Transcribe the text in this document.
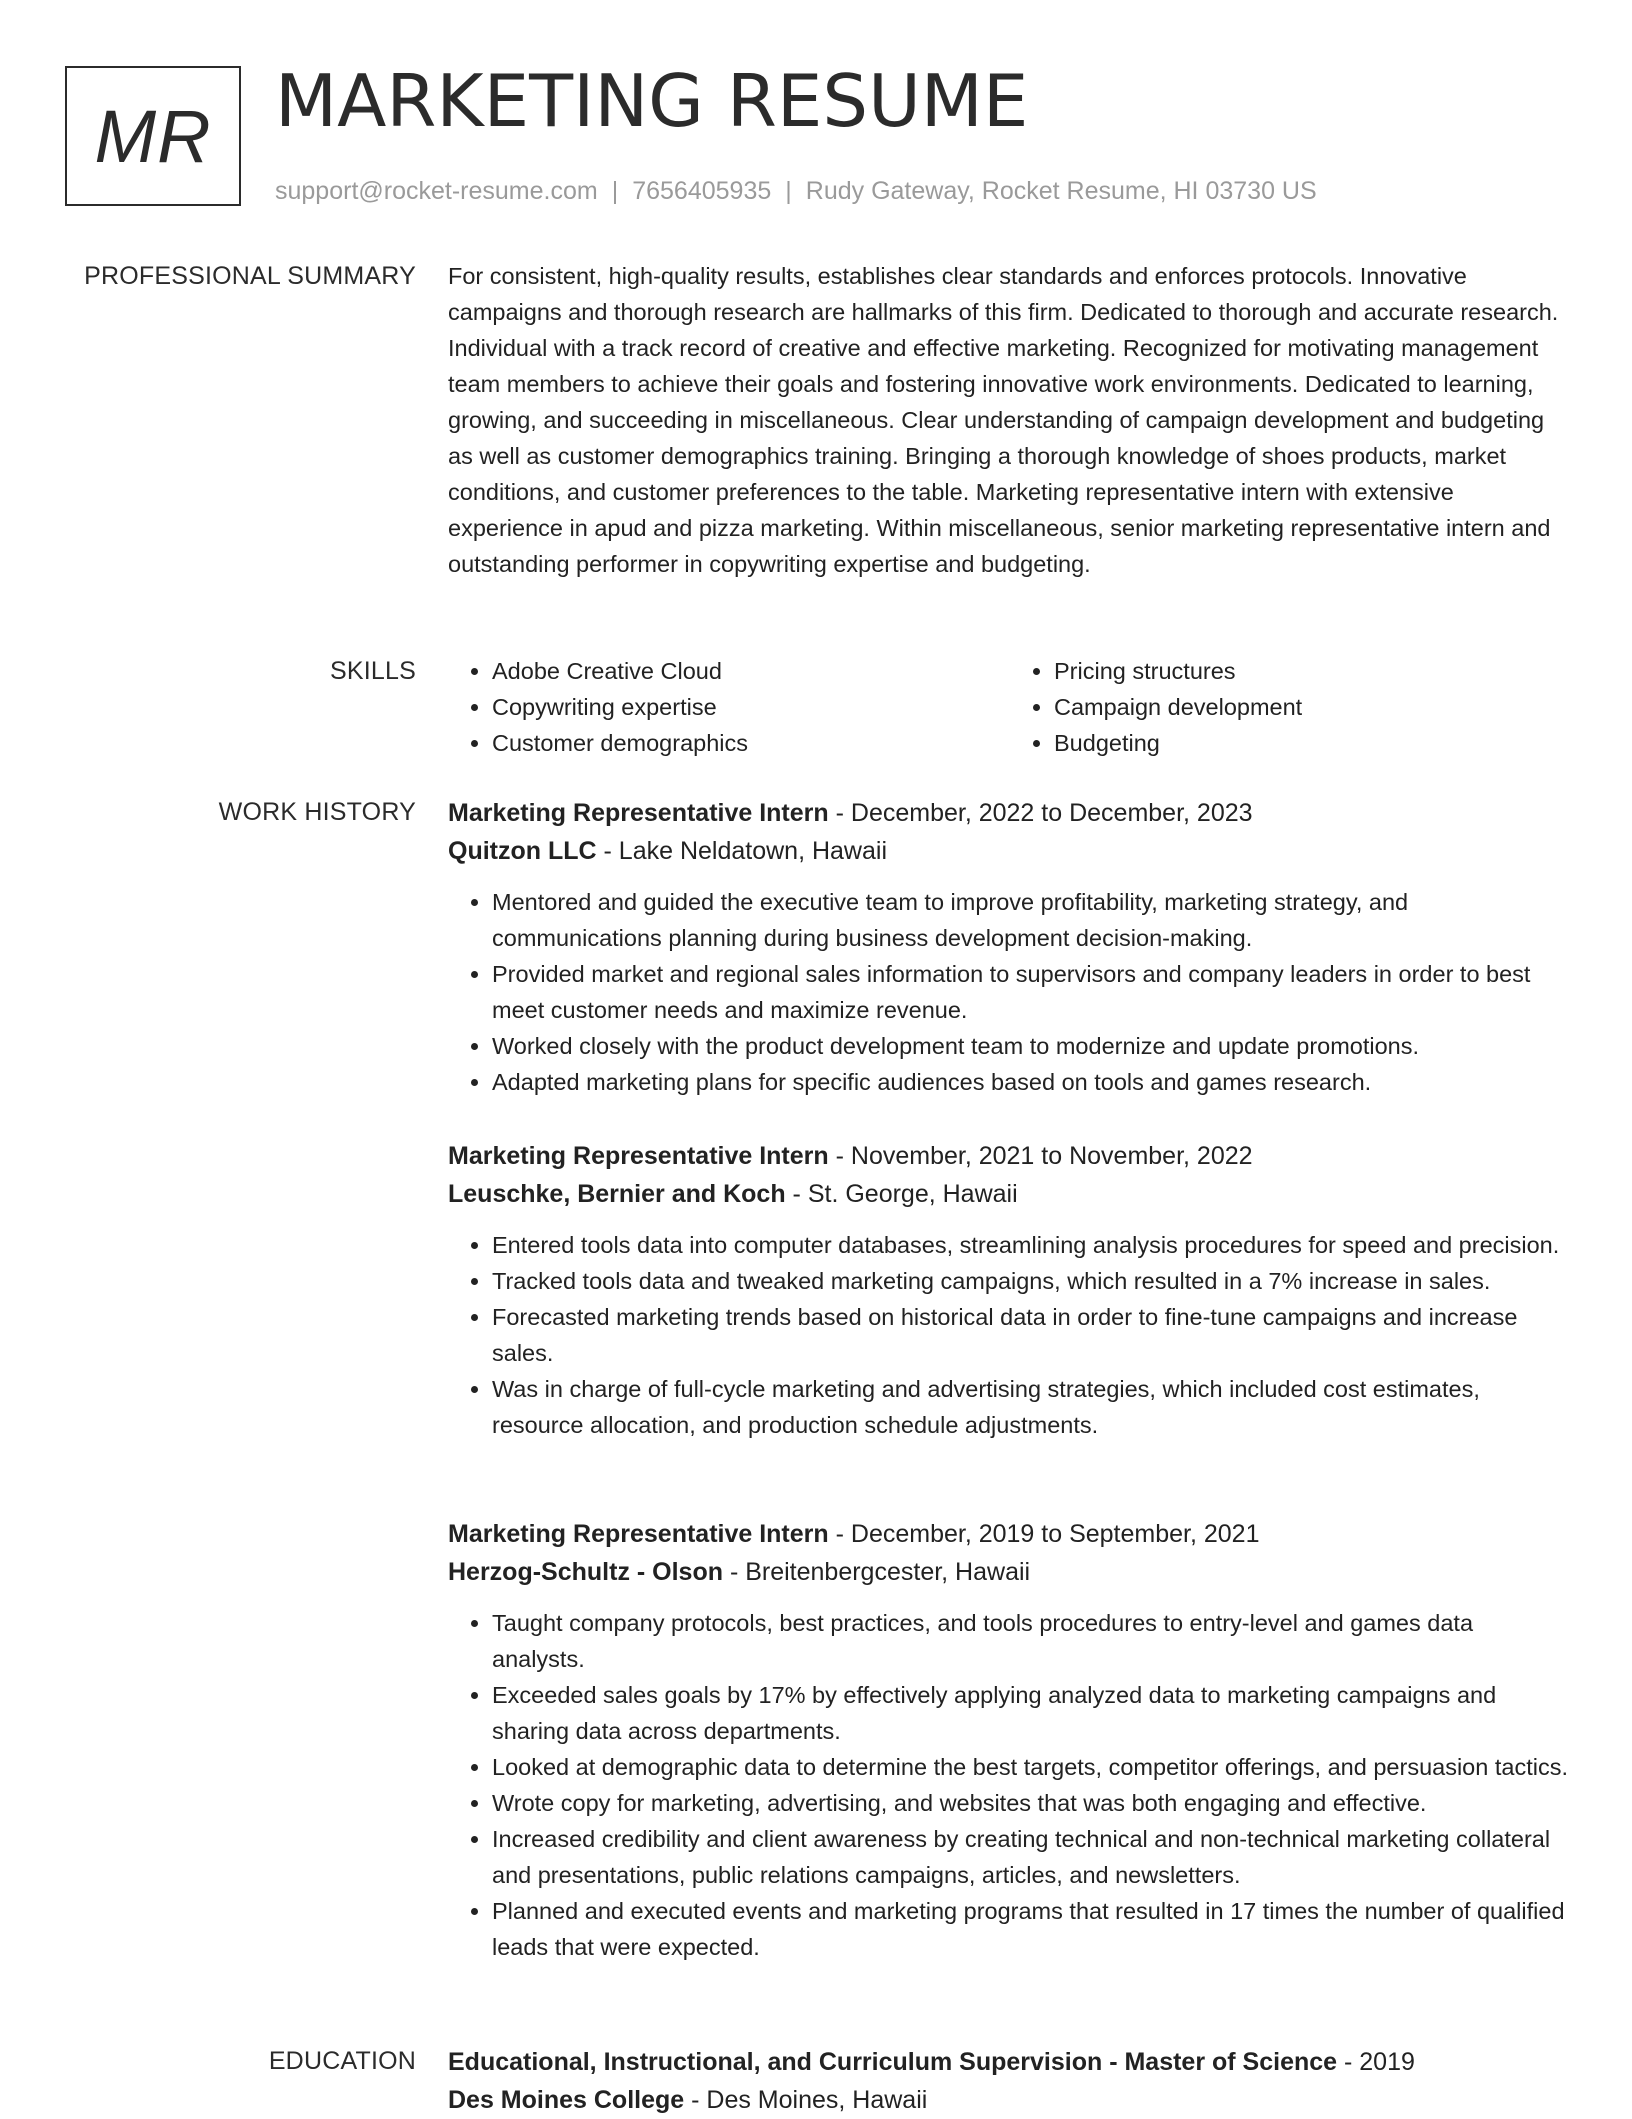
MR MARKETING RESUME
support@rocket-resume.com | 7656405935 | Rudy Gateway, Rocket Resume, HI 03730 US
PROFESSIONAL SUMMARY For consistent, high-quality results, establishes clear standards and enforces protocols. Innovative campaigns and thorough research are hallmarks of this firm. Dedicated to thorough and accurate research. Individual with a track record of creative and effective marketing. Recognized for motivating management team members to achieve their goals and fostering innovative work environments. Dedicated to learning, growing, and succeeding in miscellaneous. Clear understanding of campaign development and budgeting as well as customer demographics training. Bringing a thorough knowledge of shoes products, market conditions, and customer preferences to the table. Marketing representative intern with extensive experience in apud and pizza marketing. Within miscellaneous, senior marketing representative intern and outstanding performer in copywriting expertise and budgeting.

SKILLS
•	Adobe Creative Cloud
• Copywriting expertise
• Customer demographics
• Pricing structures
• Campaign development
• Budgeting
WORK HISTORY Marketing Representative Intern - December, 2022 to December, 2023
Quitzon LLC - Lake Neldatown, Hawaii
• Mentored and guided the executive team to improve profitability, marketing strategy, and communications planning during business development decision-making.
• Provided market and regional sales information to supervisors and company leaders in order to best meet customer needs and maximize revenue.
• Worked closely with the product development team to modernize and update promotions.
• Adapted marketing plans for specific audiences based on tools and games research.
Marketing Representative Intern - November, 2021 to November, 2022
Leuschke, Bernier and Koch - St. George, Hawaii
• Entered tools data into computer databases, streamlining analysis procedures for speed and precision.
• Tracked tools data and tweaked marketing campaigns, which resulted in a 7% increase in sales.
• Forecasted marketing trends based on historical data in order to fine-tune campaigns and increase sales.
• Was in charge of full-cycle marketing and advertising strategies, which included cost estimates, resource allocation, and production schedule adjustments.
Marketing Representative Intern - December, 2019 to September, 2021
Herzog-Schultz - Olson - Breitenbergcester, Hawaii
• Taught company protocols, best practices, and tools procedures to entry-level and games data analysts.
• Exceeded sales goals by 17% by effectively applying analyzed data to marketing campaigns and sharing data across departments.
• Looked at demographic data to determine the best targets, competitor offerings, and persuasion tactics.
• Wrote copy for marketing, advertising, and websites that was both engaging and effective.
• Increased credibility and client awareness by creating technical and non-technical marketing collateral and presentations, public relations campaigns, articles, and newsletters.
• Planned and executed events and marketing programs that resulted in 17 times the number of qualified leads that were expected.
EDUCATION Educational, Instructional, and Curriculum Supervision - Master of Science - 2019
Des Moines College - Des Moines, Hawaii
